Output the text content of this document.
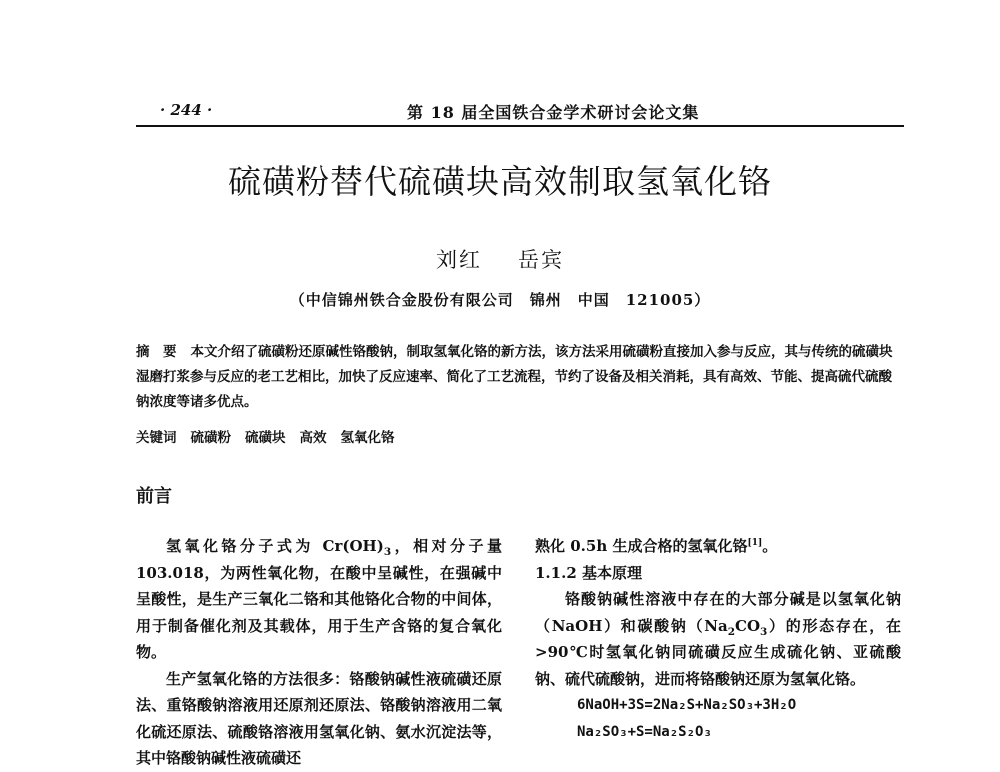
· 244 ·	第 18 届全国铁合金学术研讨会论文集
硫磺粉替代硫磺块高效制取氢氧化铬
刘红 岳宾
（中信锦州铁合金股份有限公司　锦州　中国　121005）
摘　要 本文介绍了硫磺粉还原碱性铬酸钠，制取氢氧化铬的新方法，该方法采用硫磺粉直接加入参与反应，其与传统的硫磺块湿磨打浆参与反应的老工艺相比，加快了反应速率、简化了工艺流程，节约了设备及相关消耗，具有高效、节能、提高硫代硫酸钠浓度等诸多优点。
关键词 硫磺粉 硫磺块 高效 氢氧化铬
前言

氢氧化铬分子式为 $Cr(OH)_3$，相对分子量 103.018，为两性氧化物，在酸中呈碱性，在强碱中呈酸性，是生产三氧化二铬和其他铬化合物的中间体，用于制备催化剂及其载体，用于生产含铬的复合氧化物。

生产氢氧化铬的方法很多：铬酸钠碱性液硫磺还原法、重铬酸钠溶液用还原剂还原法、铬酸钠溶液用二氧化硫还原法、硫酸铬溶液用氢氧化钠、氨水沉淀法等，其中铬酸钠碱性液硫磺还

熟化 0.5h 生成合格的氢氧化铬[1]。

1.1.2 基本原理

铬酸钠碱性溶液中存在的大部分碱是以氢氧化钠（NaOH）和碳酸钠$(Na_2CO_3)$的形态存在，在>90℃时氢氧化钠同硫磺反应生成硫化钠、亚硫酸钠、硫代硫酸钠，进而将铬酸钠还原为氢氧化铬。

6NaOH+3S=2Na₂S+Na₂SO₃+3H₂O

Na₂SO₃+S=Na₂S₂O₃
